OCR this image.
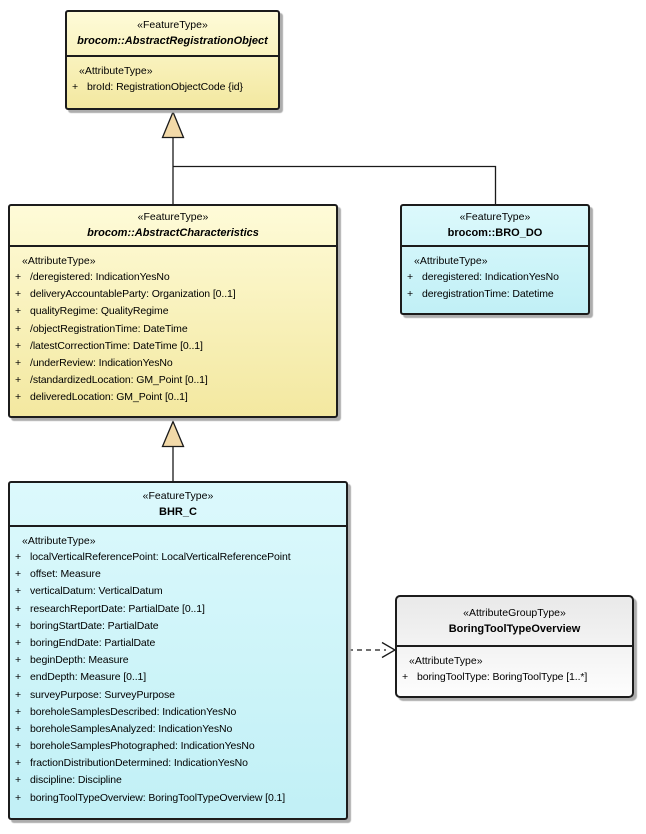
«FeatureType»
brocom::AbstractRegistrationObject
«AttributeType»
+ broId: RegistrationObjectCode {id}
«FeatureType»
brocom::AbstractCharacteristics
«AttributeType»
+ /deregistered: IndicationYesNo
+ deliveryAccountableParty: Organization [0..1]
+ qualityRegime: QualityRegime
+ /objectRegistrationTime: DateTime
+ /latestCorrectionTime: DateTime [0..1]
+ /underReview: IndicationYesNo
+ /standardizedLocation: GM_Point [0..1]
+ deliveredLocation: GM_Point [0..1]
«FeatureType»
brocom::BRO_DO
«AttributeType»
+ deregistered: IndicationYesNo
+ deregistrationTime: Datetime
«FeatureType»
BHR_C
«AttributeType»
+ localVerticalReferencePoint: LocalVerticalReferencePoint
+ offset: Measure
+ verticalDatum: VerticalDatum
+ researchReportDate: PartialDate [0..1]
+ boringStartDate: PartialDate
+ boringEndDate: PartialDate
+ beginDepth: Measure
+ endDepth: Measure [0..1]
+ surveyPurpose: SurveyPurpose
+ boreholeSamplesDescribed: IndicationYesNo
+ boreholeSamplesAnalyzed: IndicationYesNo
+ boreholeSamplesPhotographed: IndicationYesNo
+ fractionDistributionDetermined: IndicationYesNo
+ discipline: Discipline
+ boringToolTypeOverview: BoringToolTypeOverview [0.1]
«AttributeGroupType»
BoringToolTypeOverview
«AttributeType»
+ boringToolType: BoringToolType [1..*]
